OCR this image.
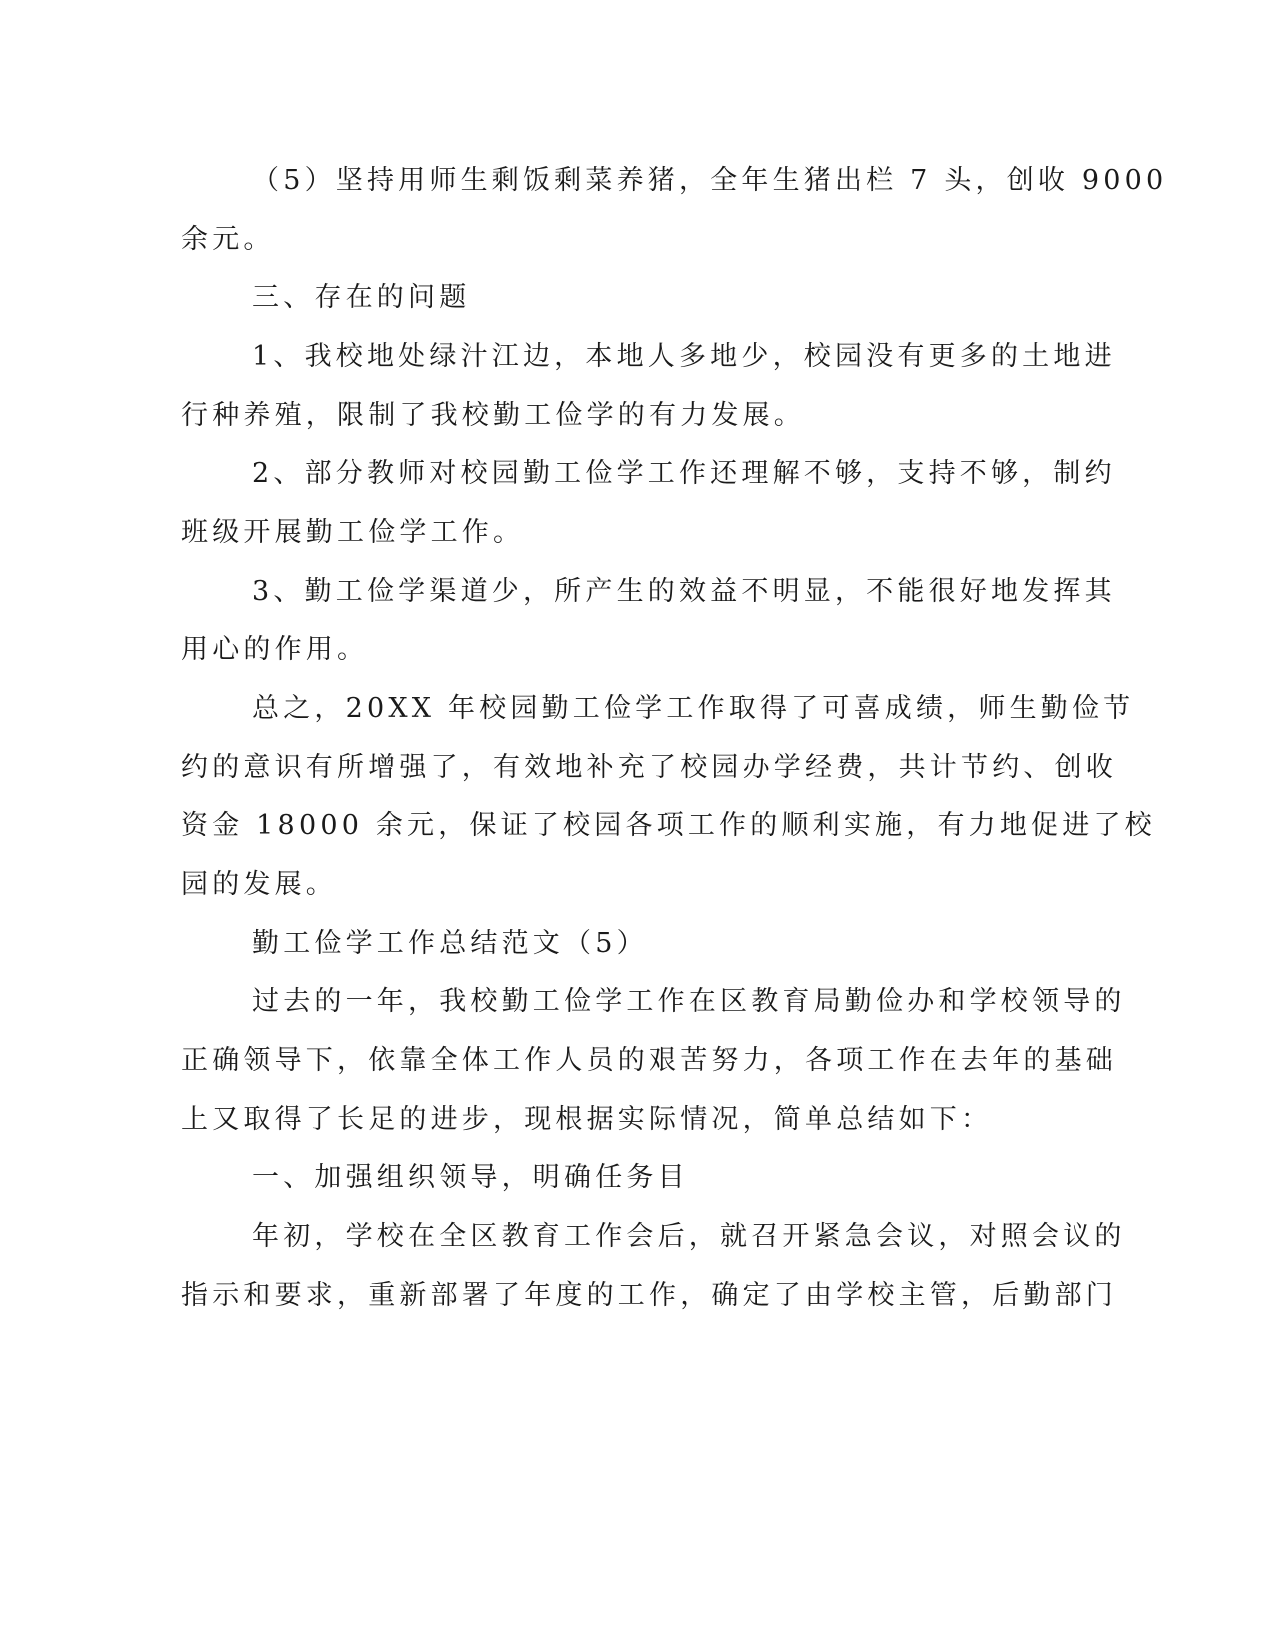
（5）坚持用师生剩饭剩菜养猪，全年生猪出栏 7 头，创收 9000
余元。
三、存在的问题
1、我校地处绿汁江边，本地人多地少，校园没有更多的土地进
行种养殖，限制了我校勤工俭学的有力发展。
2、部分教师对校园勤工俭学工作还理解不够，支持不够，制约
班级开展勤工俭学工作。
3、勤工俭学渠道少，所产生的效益不明显，不能很好地发挥其
用心的作用。
总之，20XX 年校园勤工俭学工作取得了可喜成绩，师生勤俭节
约的意识有所增强了，有效地补充了校园办学经费，共计节约、创收
资金 18000 余元，保证了校园各项工作的顺利实施，有力地促进了校
园的发展。
勤工俭学工作总结范文（5）
过去的一年，我校勤工俭学工作在区教育局勤俭办和学校领导的
正确领导下，依靠全体工作人员的艰苦努力，各项工作在去年的基础
上又取得了长足的进步，现根据实际情况，简单总结如下：
一、加强组织领导，明确任务目
年初，学校在全区教育工作会后，就召开紧急会议，对照会议的
指示和要求，重新部署了年度的工作，确定了由学校主管，后勤部门
